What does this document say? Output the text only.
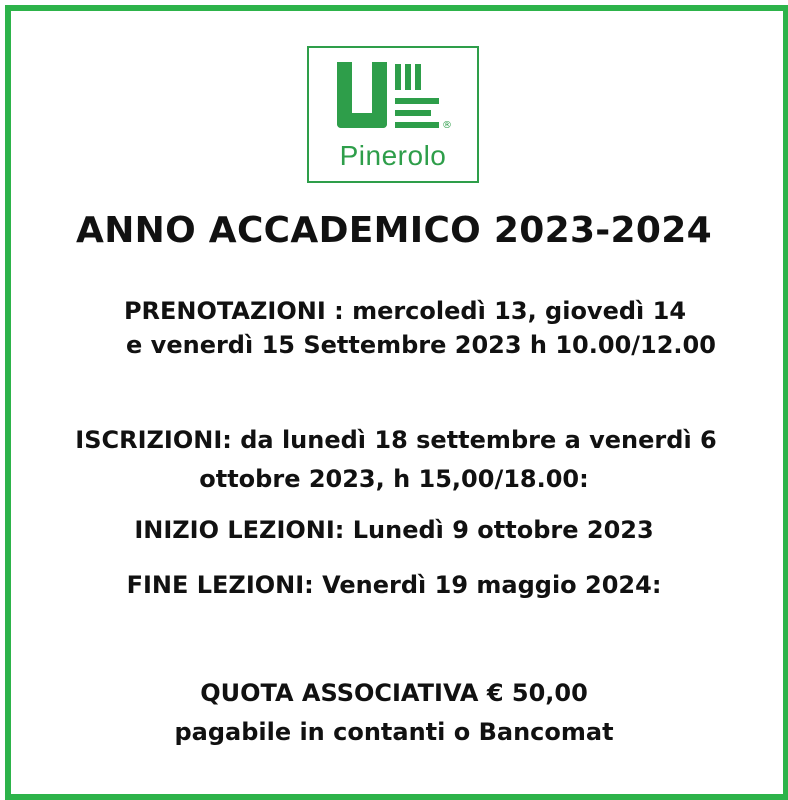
®
Pinerolo
ANNO ACCADEMICO 2023-2024
PRENOTAZIONI : mercoledì 13, giovedì 14
e venerdì 15 Settembre 2023 h 10.00/12.00
ISCRIZIONI: da lunedì 18 settembre a venerdì 6
ottobre 2023, h 15,00/18.00:
INIZIO LEZIONI: Lunedì 9 ottobre 2023
FINE LEZIONI: Venerdì 19 maggio 2024:
QUOTA ASSOCIATIVA € 50,00
pagabile in contanti o Bancomat
